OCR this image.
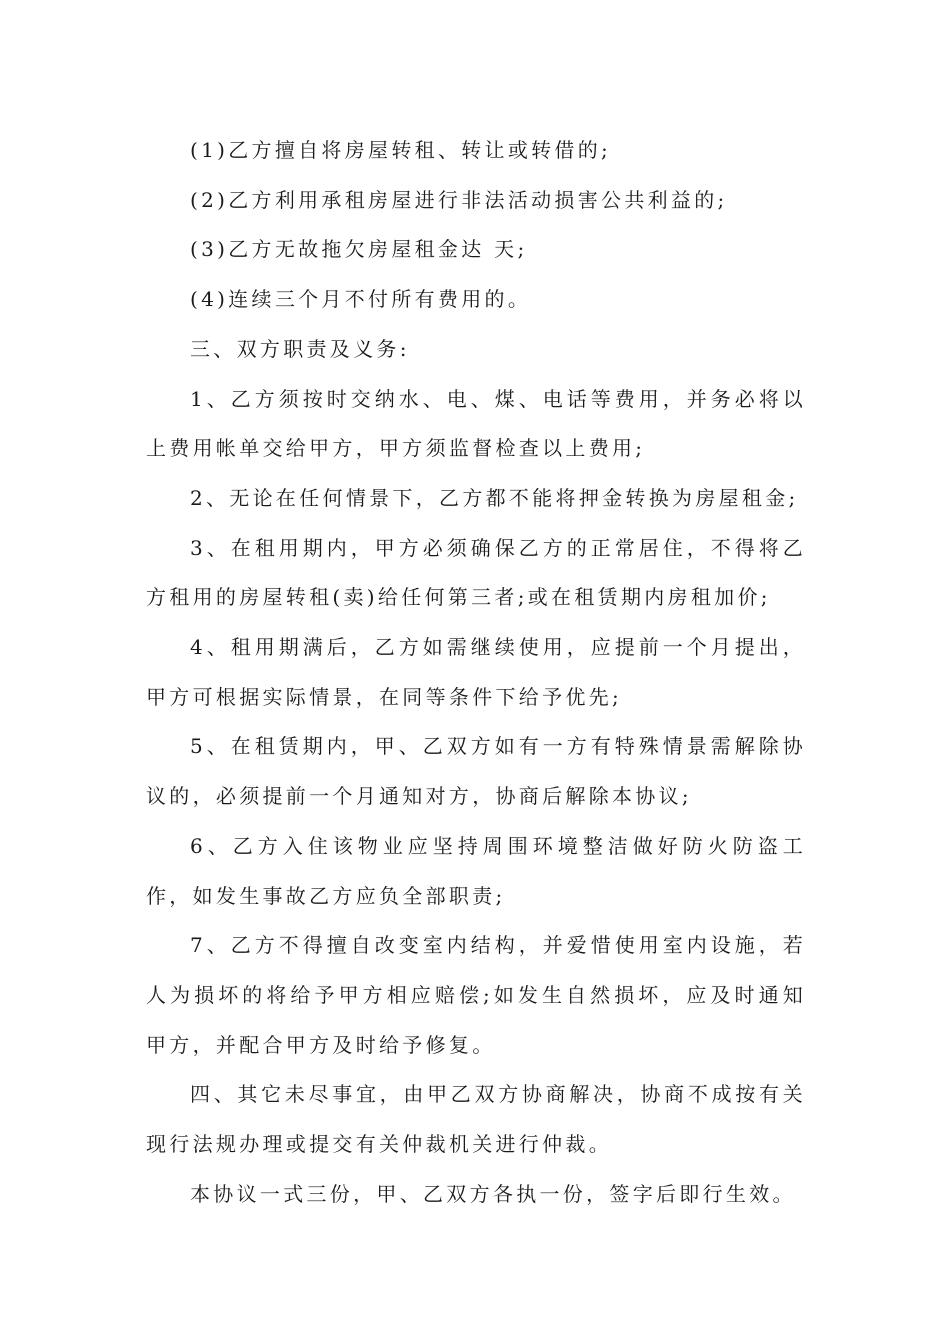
(1)乙方擅自将房屋转租、转让或转借的;

(2)乙方利用承租房屋进行非法活动损害公共利益的;

(3)乙方无故拖欠房屋租金达 天;

(4)连续三个月不付所有费用的。

三、双方职责及义务:

1、乙方须按时交纳水、电、煤、电话等费用，并务必将以上费用帐单交给甲方，甲方须监督检查以上费用;

2、无论在任何情景下，乙方都不能将押金转换为房屋租金;

3、在租用期内，甲方必须确保乙方的正常居住，不得将乙方租用的房屋转租(卖)给任何第三者;或在租赁期内房租加价;

4、租用期满后，乙方如需继续使用，应提前一个月提出，甲方可根据实际情景，在同等条件下给予优先;

5、在租赁期内，甲、乙双方如有一方有特殊情景需解除协议的，必须提前一个月通知对方，协商后解除本协议;

6、乙方入住该物业应坚持周围环境整洁做好防火防盗工作，如发生事故乙方应负全部职责;

7、乙方不得擅自改变室内结构，并爱惜使用室内设施，若人为损坏的将给予甲方相应赔偿;如发生自然损坏，应及时通知甲方，并配合甲方及时给予修复。

四、其它未尽事宜，由甲乙双方协商解决，协商不成按有关现行法规办理或提交有关仲裁机关进行仲裁。

本协议一式三份，甲、乙双方各执一份，签字后即行生效。
